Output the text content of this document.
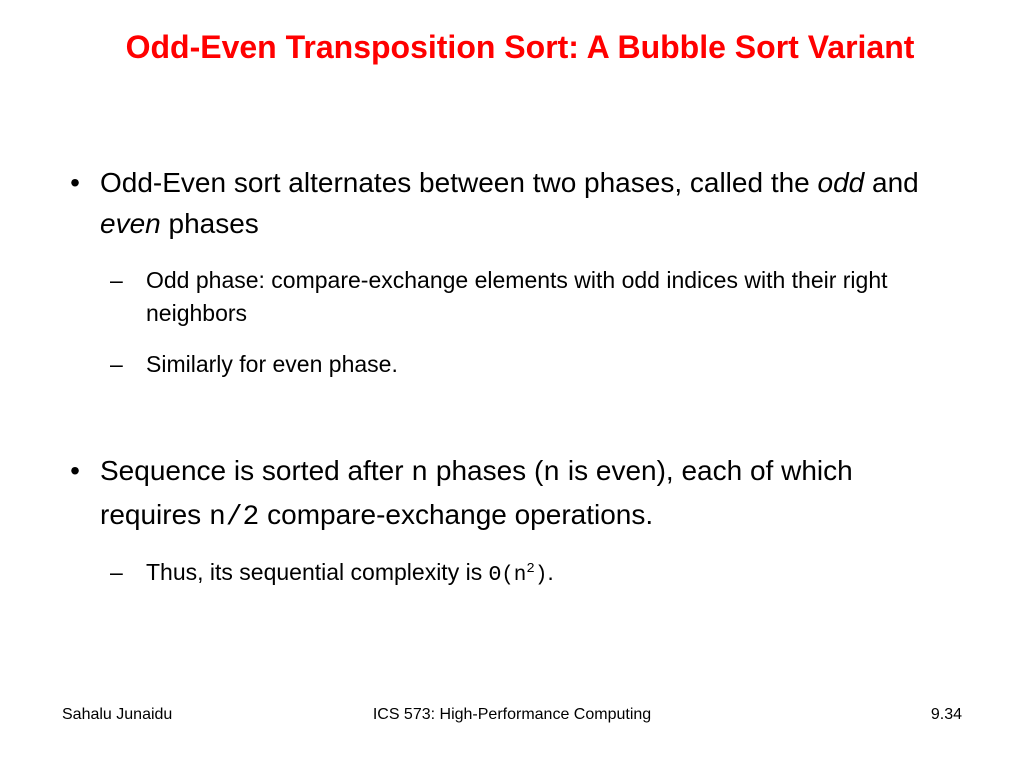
Odd-Even Transposition Sort: A Bubble Sort Variant
• Odd-Even sort alternates between two phases, called the odd and even phases
– Odd phase: compare-exchange elements with odd indices with their right neighbors
– Similarly for even phase.
• Sequence is sorted after n phases (n is even), each of which requires n/2 compare-exchange operations.
– Thus, its sequential complexity is $\Theta(n^2)$.
Sahalu Junaidu	ICS 573: High-Performance Computing	9.34
